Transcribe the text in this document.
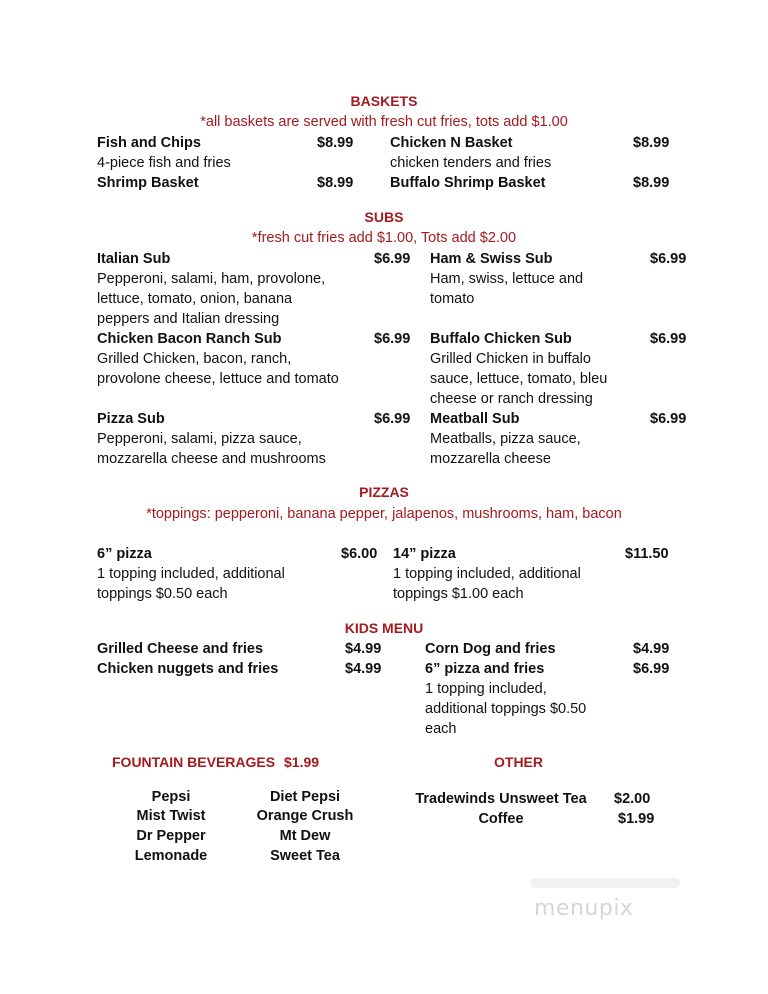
BASKETS
*all baskets are served with fresh cut fries, tots add $1.00
Fish and Chips	$8.99
4-piece fish and fries
Chicken N Basket	$8.99
chicken tenders and fries
Shrimp Basket	$8.99	Buffalo Shrimp Basket	$8.99
SUBS
*fresh cut fries add $1.00, Tots add $2.00
Italian Sub	$6.99
Pepperoni, salami, ham, provolone,
lettuce, tomato, onion, banana
peppers and Italian dressing
Ham & Swiss Sub	$6.99
Ham, swiss, lettuce and
tomato
Chicken Bacon Ranch Sub	$6.99
Grilled Chicken, bacon, ranch,
provolone cheese, lettuce and tomato
Buffalo Chicken Sub	$6.99
Grilled Chicken in buffalo
sauce, lettuce, tomato, bleu
cheese or ranch dressing
Pizza Sub	$6.99
Pepperoni, salami, pizza sauce,
mozzarella cheese and mushrooms
Meatball Sub	$6.99
Meatballs, pizza sauce,
mozzarella cheese
PIZZAS
*toppings: pepperoni, banana pepper, jalapenos, mushrooms, ham, bacon
6” pizza	$6.00
1 topping included, additional
toppings $0.50 each
14” pizza	$11.50
1 topping included, additional
toppings $1.00 each
KIDS MENU
Grilled Cheese and fries	$4.99
Chicken nuggets and fries	$4.99
Corn Dog and fries	$4.99
6” pizza and fries	$6.99
1 topping included,
additional toppings $0.50
each
FOUNTAIN BEVERAGES $1.99
Pepsi
Mist Twist
Dr Pepper
Lemonade
Diet Pepsi
Orange Crush
Mt Dew
Sweet Tea
OTHER
Tradewinds Unsweet Tea	$2.00
Coffee	$1.99
menupix
